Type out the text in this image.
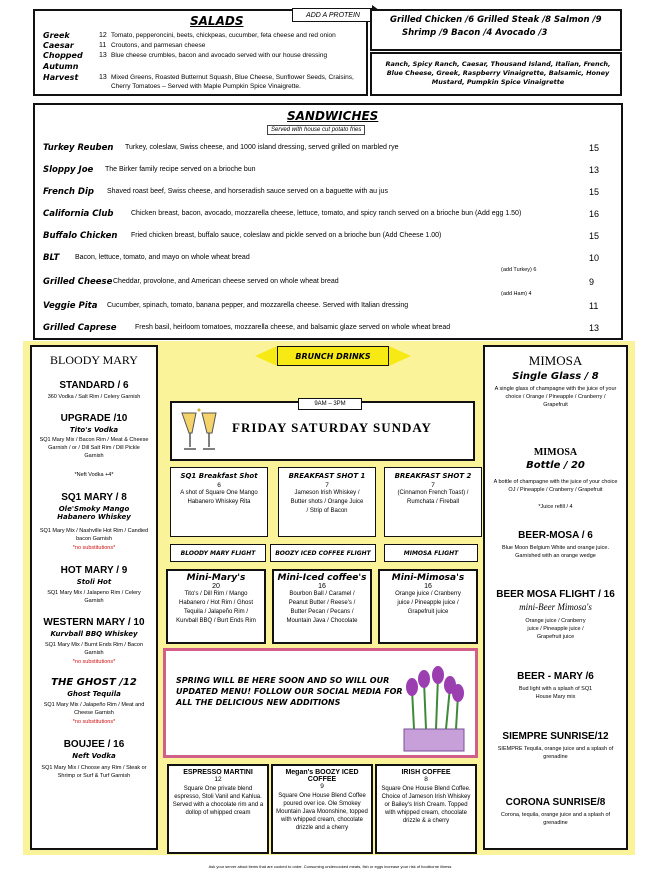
SALADS
Greek	12 Tomato, pepperoncini, beets, chickpeas, cucumber, feta cheese and red onion
Caesar	11 Croutons, and parmesan cheese
Chopped	13 Blue cheese crumbles, bacon and avocado served with our house dressing
Autumn
Harvest	13 Mixed Greens, Roasted Butternut Squash, Blue Cheese, Sunflower Seeds, Craisins, Cherry Tomatoes – Served with Maple Pumpkin Spice Vinaigrette.
ADD A PROTEIN	Grilled Chicken /6 Grilled Steak /8 Salmon /9
Shrimp /9 Bacon /4 Avocado /3
Ranch, Spicy Ranch, Caesar, Thousand Island, Italian, French, Blue Cheese, Greek, Raspberry Vinaigrette, Balsamic, Honey Mustard, Pumpkin Spice Vinaigrette
SANDWICHES
Served with house cut potato fries
Turkey Reuben Turkey, coleslaw, Swiss cheese, and 1000 island dressing, served grilled on marbled rye	15
Sloppy Joe The Birker family recipe served on a brioche bun	13
French Dip Shaved roast beef, Swiss cheese, and horseradish sauce served on a baguette with au jus	15
California Club	Chicken breast, bacon, avocado, mozzarella cheese, lettuce, tomato, and spicy ranch served on a brioche bun (Add egg 1.50)	16
Buffalo Chicken Fried chicken breast, buffalo sauce, coleslaw and pickle served on a brioche bun (Add Cheese 1.00)	15
BLT Bacon, lettuce, tomato, and mayo on whole wheat bread	10
(add Turkey) 6
Grilled Cheese Cheddar, provolone, and American cheese served on whole wheat bread	9
(add Ham) 4
Veggie Pita Cucumber, spinach, tomato, banana pepper, and mozzarella cheese. Served with Italian dressing	11
Grilled Caprese	Fresh basil, heirloom tomatoes, mozzarella cheese, and balsamic glaze served on whole wheat bread	13
BLOODY MARY
STANDARD / 6
360 Vodka / Salt Rim / Celery Garnish
UPGRADE /10
Tito's Vodka
SQ1 Mary Mix / Bacon Rim / Meat & Cheese Garnish / or / Dill Salt Rim / Dill Pickle Garnish
*Neft Vodka +4*
SQ1 MARY / 8
Ole'Smoky Mango Habanero Whiskey
SQ1 Mary Mix / Nashville Hot Rim / Candied bacon Garnish
*no substitutions*
HOT MARY / 9
Stoli Hot
SQ1 Mary Mix / Jalapeno Rim / Celery Garnish
WESTERN MARY / 10
Kurvball BBQ Whiskey
SQ1 Mary Mix / Burnt Ends Rim / Bacon Garnish
*no substitutions*
THE GHOST /12
Ghost Tequila
SQ1 Mary Mix / Jalapeño Rim / Meat and Cheese Garnish
*no substitutions*
BOUJEE / 16
Neft Vodka
SQ1 Mary Mix / Choose any Rim / Steak or Shrimp or Surf & Turf Garnish
BRUNCH DRINKS
9AM – 3PM
FRIDAY SATURDAY SUNDAY
SQ1 Breakfast Shot
6
A shot of Square One Mango Habanero Whiskey Rita
BREAKFAST SHOT 1
7
Jameson Irish Whiskey / Butter shots / Orange Juice / Strip of Bacon
BREAKFAST SHOT 2
7
(Cinnamon French Toast) / Rumchata / Fireball
BLOODY MARY FLIGHT	BOOZY ICED COFFEE FLIGHT	MIMOSA FLIGHT
Mini-Mary's
20
Tito's / Dill Rim / Mango Habanero / Hot Rim / Ghost Tequila / Jalapeño Rim / Kurvball BBQ / Burt Ends Rim
Mini-Iced coffee's
16
Bourbon Ball / Caramel / Peanut Butter / Reese's / Butter Pecan / Pecans / Mountain Java / Chocolate
Mini-Mimosa's
16
Orange juice / Cranberry juice / Pineapple juice / Grapefruit juice
SPRING WILL BE HERE SOON AND SO WILL OUR UPDATED MENU! FOLLOW OUR SOCIAL MEDIA FOR ALL THE DELICIOUS NEW ADDITIONS
ESPRESSO MARTINI
12
Square One private blend espresso, Stoli Vanil and Kahlua. Served with a chocolate rim and a dollop of whipped cream
Megan's BOOZY ICED COFFEE
9
Square One House Blend Coffee poured over ice. Ole Smokey Mountain Java Moonshine, topped with whipped cream, chocolate drizzle and a cherry
IRISH COFFEE
8
Square One House Blend Coffee. Choice of Jameson Irish Whiskey or Bailey's Irish Cream. Topped with whipped cream, chocolate drizzle & a cherry
MIMOSA
Single Glass / 8
A single glass of champagne with the juice of your choice / Orange / Pineapple / Cranberry / Grapefruit
MIMOSA
Bottle / 20
A bottle of champagne with the juice of your choice OJ / Pineapple / Cranberry / Grapefruit
*Juice refill / 4
BEER-MOSA / 6
Blue Moon Belgium White and orange juice. Garnished with an orange wedge
BEER MOSA FLIGHT / 16
mini-Beer Mimosa's
Orange juice / Cranberry juice / Pineapple juice / Grapefruit juice
BEER - MARY /6
Bud light with a splash of SQ1 House Mary mix
SIEMPRE SUNRISE/12
SIEMPRE Tequila, orange juice and a splash of grenadine
CORONA SUNRISE/8
Corona, tequila, orange juice and a splash of grenadine
Ask your server about items that are cooked to order. Consuming undercooked meats, fish or eggs increase your risk of foodborne illness
